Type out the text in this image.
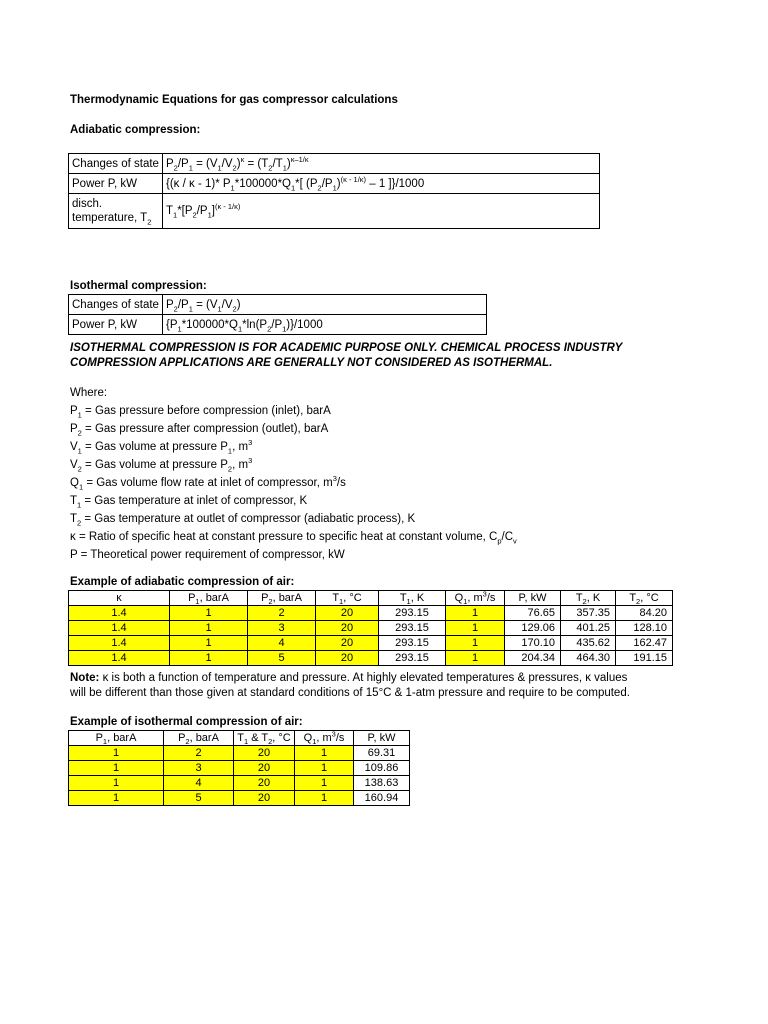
Thermodynamic Equations for gas compressor calculations
Adiabatic compression:
Changes of state	$P_2/P_1 = (V_1/V_2)^\kappa = (T_2/T_1)^{\kappa-1/\kappa}$
Power P, kW	{(κ / κ - 1)* $P_1*100000*Q_1*$[ $(P_2/P_1)^{(\kappa - 1/\kappa)} - 1$ ]}/1000
disch.
temperature, $T_2$	$T_1*[P_2/P_1]^{(\kappa - 1/\kappa)}$
Isothermal compression:
Changes of state	$P_2/P_1 = (V_1/V_2)$
Power P, kW	$\{P_1*100000*Q_1*\ln(P_2/P_1)\}/1000$
ISOTHERMAL COMPRESSION IS FOR ACADEMIC PURPOSE ONLY. CHEMICAL PROCESS INDUSTRY
COMPRESSION APPLICATIONS ARE GENERALLY NOT CONSIDERED AS ISOTHERMAL.
Where:
$P_1$ = Gas pressure before compression (inlet), barA
$P_2$ = Gas pressure after compression (outlet), barA
$V_1$ = Gas volume at pressure $P_1$, $m^3$
$V_2$ = Gas volume at pressure $P_2$, $m^3$
$Q_1$ = Gas volume flow rate at inlet of compressor, $m^3/s$
$T_1$ = Gas temperature at inlet of compressor, K
$T_2$ = Gas temperature at outlet of compressor (adiabatic process), K
κ = Ratio of specific heat at constant pressure to specific heat at constant volume, $C_p/C_v$
P = Theoretical power requirement of compressor, kW
Example of adiabatic compression of air:
κ	$P_1$, barA	$P_2$, barA	$T_1$, °C	$T_1$, K	$Q_1$, $m^3/s$	P, kW	$T_2$, K	$T_2$, °C
1.4	1	2	20	293.15	1	76.65	357.35	84.20
1.4	1	3	20	293.15	1	129.06	401.25	128.10
1.4	1	4	20	293.15	1	170.10	435.62	162.47
1.4	1	5	20	293.15	1	204.34	464.30	191.15
Note: κ is both a function of temperature and pressure. At highly elevated temperatures & pressures, κ values
will be different than those given at standard conditions of 15°C & 1-atm pressure and require to be computed.
Example of isothermal compression of air:
$P_1$, barA	$P_2$, barA	$T_1$ & $T_2$, °C	$Q_1$, $m^3/s$	P, kW
1	2	20	1	69.31
1	3	20	1	109.86
1	4	20	1	138.63
1	5	20	1	160.94
